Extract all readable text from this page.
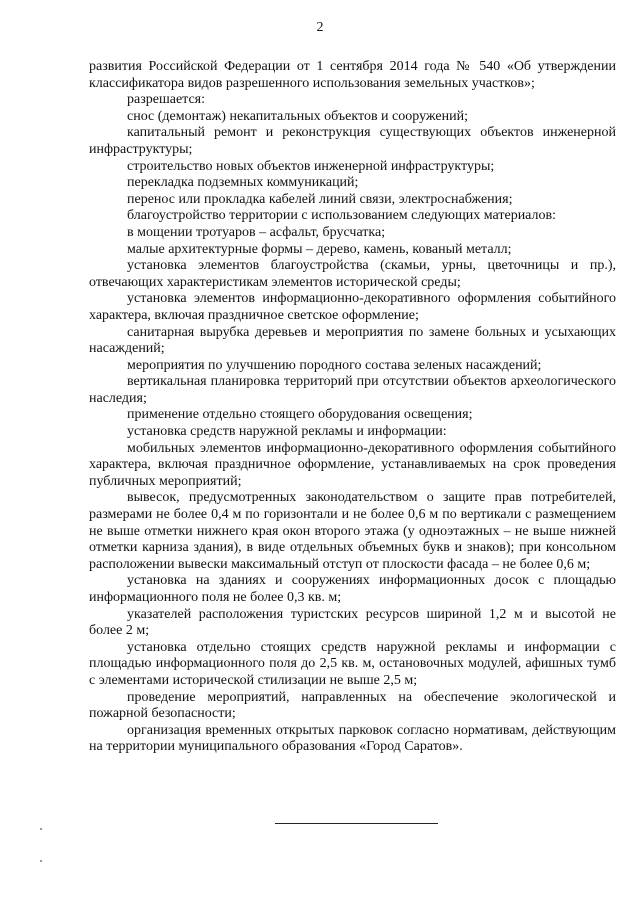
2

развития Российской Федерации от 1 сентября 2014 года № 540 «Об утверждении классификатора видов разрешенного использования земельных участков»;

разрешается:

снос (демонтаж) некапитальных объектов и сооружений;

капитальный ремонт и реконструкция существующих объектов инженерной инфраструктуры;

строительство новых объектов инженерной инфраструктуры;

перекладка подземных коммуникаций;

перенос или прокладка кабелей линий связи, электроснабжения;

благоустройство территории с использованием следующих материалов:

в мощении тротуаров – асфальт, брусчатка;

малые архитектурные формы – дерево, камень, кованый металл;

установка элементов благоустройства (скамьи, урны, цветочницы и пр.), отвечающих характеристикам элементов исторической среды;

установка элементов информационно-декоративного оформления событийного характера, включая праздничное светское оформление;

санитарная вырубка деревьев и мероприятия по замене больных и усыхающих насаждений;

мероприятия по улучшению породного состава зеленых насаждений;

вертикальная планировка территорий при отсутствии объектов археологического наследия;

применение отдельно стоящего оборудования освещения;

установка средств наружной рекламы и информации:

мобильных элементов информационно-декоративного оформления событийного характера, включая праздничное оформление, устанавливаемых на срок проведения публичных мероприятий;

вывесок, предусмотренных законодательством о защите прав потребителей, размерами не более 0,4 м по горизонтали и не более 0,6 м по вертикали с размещением не выше отметки нижнего края окон второго этажа (у одноэтажных – не выше нижней отметки карниза здания), в виде отдельных объемных букв и знаков); при консольном расположении вывески максимальный отступ от плоскости фасада – не более 0,6 м;

установка на зданиях и сооружениях информационных досок с площадью информационного поля не более 0,3 кв. м;

указателей расположения туристских ресурсов шириной 1,2 м и высотой не более 2 м;

установка отдельно стоящих средств наружной рекламы и информации с площадью информационного поля до 2,5 кв. м, остановочных модулей, афишных тумб с элементами исторической стилизации не выше 2,5 м;

проведение мероприятий, направленных на обеспечение экологической и пожарной безопасности;

организация временных открытых парковок согласно нормативам, действующим на территории муниципального образования «Город Саратов».
